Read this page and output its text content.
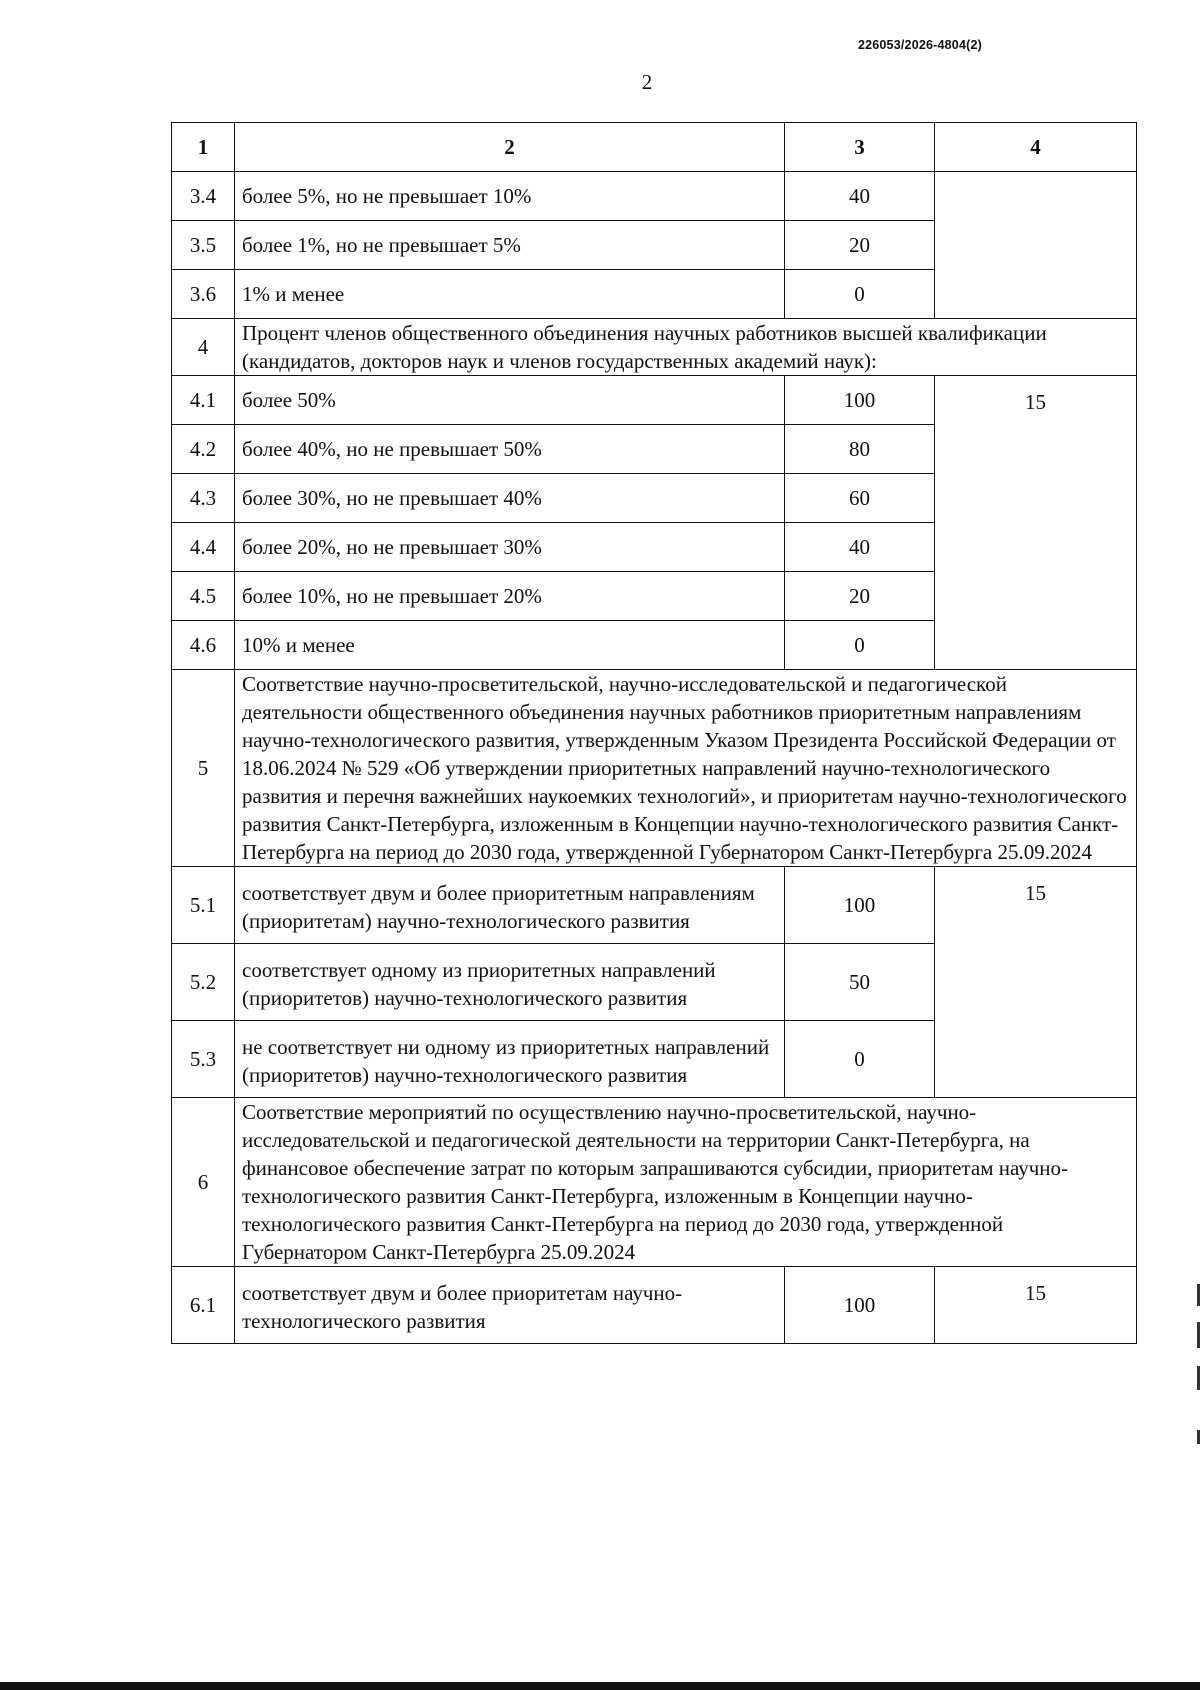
226053/2026-4804(2)
2
1	2	3	4
3.4	более 5%, но не превышает 10%	40	
3.5	более 1%, но не превышает 5%	20	
3.6	1% и менее	0	
4	Процент членов общественного объединения научных работников высшей квалификации (кандидатов, докторов наук и членов государственных академий наук):		
4.1	более 50%	100	15
4.2	более 40%, но не превышает 50%	80	
4.3	более 30%, но не превышает 40%	60	
4.4	более 20%, но не превышает 30%	40	
4.5	более 10%, но не превышает 20%	20	
4.6	10% и менее	0	
5	Соответствие научно-просветительской, научно-исследовательской и педагогической деятельности общественного объединения научных работников приоритетным направлениям научно-технологического развития, утвержденным Указом Президента Российской Федерации от 18.06.2024 № 529 «Об утверждении приоритетных направлений научно-технологического развития и перечня важнейших наукоемких технологий», и приоритетам научно-технологического развития Санкт-Петербурга, изложенным в Концепции научно-технологического развития Санкт-Петербурга на период до 2030 года, утвержденной Губернатором Санкт-Петербурга 25.09.2024		
5.1	соответствует двум и более приоритетным направлениям (приоритетам) научно-технологического развития	100	15
5.2	соответствует одному из приоритетных направлений (приоритетов) научно-технологического развития	50	
5.3	не соответствует ни одному из приоритетных направлений (приоритетов) научно-технологического развития	0	
6	Соответствие мероприятий по осуществлению научно-просветительской, научно-исследовательской и педагогической деятельности на территории Санкт-Петербурга, на финансовое обеспечение затрат по которым запрашиваются субсидии, приоритетам научно-технологического развития Санкт-Петербурга, изложенным в Концепции научно-технологического развития Санкт-Петербурга на период до 2030 года, утвержденной Губернатором Санкт-Петербурга 25.09.2024		
6.1	соответствует двум и более приоритетам научно-технологического развития	100	15
